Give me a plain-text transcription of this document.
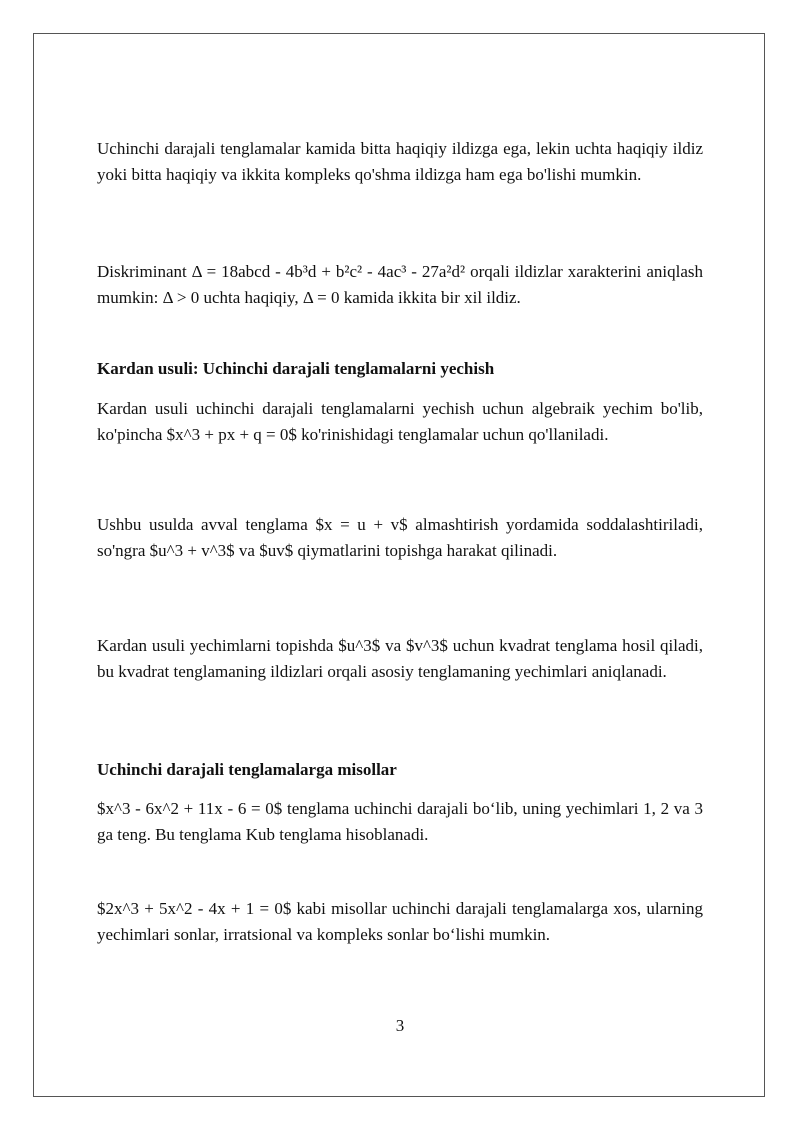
Uchinchi darajali tenglamalar kamida bitta haqiqiy ildizga ega, lekin uchta haqiqiy ildiz yoki bitta haqiqiy va ikkita kompleks qo'shma ildizga ham ega bo'lishi mumkin.

Diskriminant Δ = 18abcd - 4b³d + b²c² - 4ac³ - 27a²d² orqali ildizlar xarakterini aniqlash mumkin: Δ > 0 uchta haqiqiy, Δ = 0 kamida ikkita bir xil ildiz.

Kardan usuli: Uchinchi darajali tenglamalarni yechish

Kardan usuli uchinchi darajali tenglamalarni yechish uchun algebraik yechim bo'lib, ko'pincha $x^3 + px + q = 0$ ko'rinishidagi tenglamalar uchun qo'llaniladi.

Ushbu usulda avval tenglama $x = u + v$ almashtirish yordamida soddalashtiriladi, so'ngra $u^3 + v^3$ va $uv$ qiymatlarini topishga harakat qilinadi.

Kardan usuli yechimlarni topishda $u^3$ va $v^3$ uchun kvadrat tenglama hosil qiladi, bu kvadrat tenglamaning ildizlari orqali asosiy tenglamaning yechimlari aniqlanadi.

Uchinchi darajali tenglamalarga misollar

$x^3 - 6x^2 + 11x - 6 = 0$ tenglama uchinchi darajali bo‘lib, uning yechimlari 1, 2 va 3 ga teng. Bu tenglama Kub tenglama hisoblanadi.

$2x^3 + 5x^2 - 4x + 1 = 0$ kabi misollar uchinchi darajali tenglamalarga xos, ularning yechimlari sonlar, irratsional va kompleks sonlar bo‘lishi mumkin.

3
